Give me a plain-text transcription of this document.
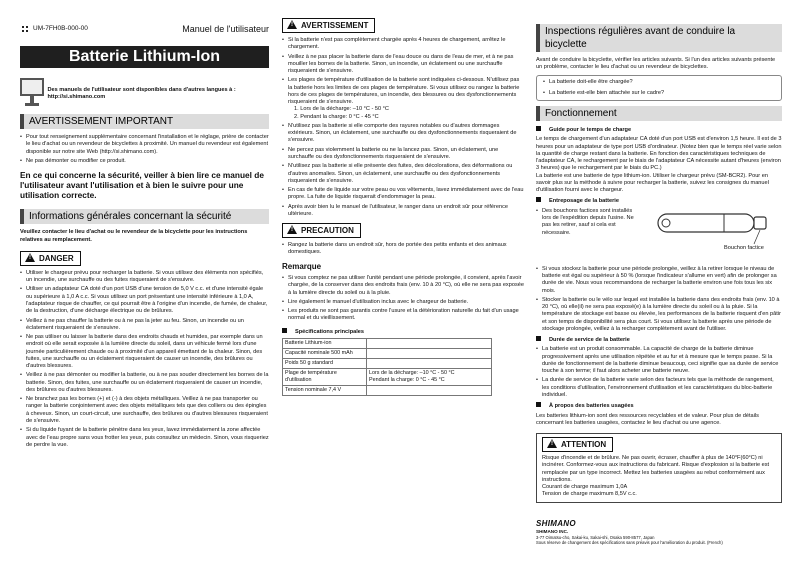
UM-7FH0B-000-00	Manuel de l'utilisateur
Batterie Lithium-Ion

Des manuels de l'utilisateur sont disponibles dans d'autres langues à : http://si.shimano.com

AVERTISSEMENT IMPORTANT

• Pour tout renseignement supplémentaire concernant l'installation et le réglage, prière de contacter le lieu d'achat ou un revendeur de bicyclettes à proximité. Un manuel du revendeur est également disponible sur notre site Web (http://si.shimano.com).

• Ne pas démonter ou modifier ce produit.

En ce qui concerne la sécurité, veiller à bien lire ce manuel de l'utilisateur avant l'utilisation et à bien le suivre pour une utilisation correcte.

Informations générales concernant la sécurité

Veuillez contacter le lieu d'achat ou le revendeur de la bicyclette pour les instructions relatives au remplacement.

! DANGER

• Utiliser le chargeur prévu pour recharger la batterie. Si vous utilisez des éléments non spécifiés, un incendie, une surchauffe ou des fuites risqueraient de s'ensuivre.

• Utiliser un adaptateur CA doté d'un port USB d'une tension de 5,0 V c.c. et d'une intensité égale ou supérieure à 1,0 A c.c. Si vous utilisez un port présentant une intensité inférieure à 1,0 A, l'adaptateur risque de chauffer, ce qui pourrait être à l'origine d'un incendie, de fumée, de chaleur, de la destruction, d'une décharge électrique ou de brûlures.

• Veillez à ne pas chauffer la batterie ou à ne pas la jeter au feu. Sinon, un incendie ou un éclatement risqueraient de s'ensuivre.

• Ne pas utiliser ou laisser la batterie dans des endroits chauds et humides, par exemple dans un endroit où elle serait exposée à la lumière directe du soleil, dans un véhicule fermé lors d'une journée particulièrement chaude ou à proximité d'un appareil émettant de la chaleur. Sinon, des fuites, une surchauffe ou un éclatement risqueraient de causer un incendie, des brûlures ou d'autres blessures.

• Veillez à ne pas démonter ou modifier la batterie, ou à ne pas souder directement les bornes de la batterie. Sinon, des fuites, une surchauffe ou un éclatement risqueraient de causer un incendie, des brûlures ou d'autres blessures.

• Ne branchez pas les bornes (+) et (-) à des objets métalliques. Veillez à ne pas transporter ou ranger la batterie conjointement avec des objets métalliques tels que des colliers ou des épingles à cheveux. Sinon, un court-circuit, une surchauffe, des brûlures ou d'autres blessures risqueraient de s'ensuivre.

• Si du liquide fuyant de la batterie pénètre dans les yeux, lavez immédiatement la zone affectée avec de l'eau propre sans vous frotter les yeux, puis consultez un médecin. Sinon, vous risqueriez de perdre la vue.

! AVERTISSEMENT

• Si la batterie n'est pas complètement chargée après 4 heures de chargement, arrêtez le chargement.

• Veillez à ne pas placer la batterie dans de l'eau douce ou dans de l'eau de mer, et à ne pas mouiller les bornes de la batterie. Sinon, un incendie, un éclatement ou une surchauffe risqueraient de s'ensuivre.

• Les plages de température d'utilisation de la batterie sont indiquées ci-dessous. N'utilisez pas la batterie hors les limites de ces plages de température. Si vous utilisez ou rangez la batterie hors de ces plages de températures, un incendie, des blessures ou des dysfonctionnements risqueraient de s'ensuivre.

1. Lors de la décharge: –10 °C - 50 °C

2. Pendant la charge: 0 °C - 45 °C

• N'utilisez pas la batterie si elle comporte des rayures notables ou d'autres dommages extérieurs. Sinon, un éclatement, une surchauffe ou des dysfonctionnements risqueraient de s'ensuivre.

• Ne percez pas violemment la batterie ou ne la lancez pas. Sinon, un éclatement, une surchauffe ou des dysfonctionnements risqueraient de s'ensuivre.

• N'utilisez pas la batterie si elle présente des fuites, des décolorations, des déformations ou d'autres anomalies. Sinon, un éclatement, une surchauffe ou des dysfonctionnements risqueraient de s'ensuivre.

• En cas de fuite de liquide sur votre peau ou vos vêtements, lavez immédiatement avec de l'eau propre. La fuite de liquide risquerait d'endommager la peau.

• Après avoir bien lu le manuel de l'utilisateur, le ranger dans un endroit sûr pour référence ultérieure.

! PRECAUTION

• Rangez la batterie dans un endroit sûr, hors de portée des petits enfants et des animaux domestiques.

Remarque

• Si vous comptez ne pas utiliser l'unité pendant une période prolongée, il convient, après l'avoir chargée, de la conserver dans des endroits frais (env. 10 à 20 °C), où elle ne sera pas exposée à la lumière directe du soleil ou à la pluie.

• Lire également le manuel d'utilisation inclus avec le chargeur de batterie.

• Les produits ne sont pas garantis contre l'usure et la détérioration naturelle du fait d'un usage normal et du vieillissement.

Spécifications principales
Batterie Lithium-ion	
Capacité nominale 500 mAh	
Poids 50 g standard	
Plage de température d'utilisation	Lors de la décharge: –10 °C - 50 °C
Pendant la charge: 0 °C - 45 °C

Tension nominale 7,4 V	
Inspections régulières avant de conduire la bicyclette

Avant de conduire la bicyclette, vérifier les articles suivants. Si l'un des articles suivants présente un problème, contacter le lieu d'achat ou un revendeur de bicyclettes.

• La batterie doit-elle être chargée?

• La batterie est-elle bien attachée sur le cadre?

Fonctionnement
Guide pour le temps de charge

Le temps de chargement d'un adaptateur CA doté d'un port USB est d'environ 1,5 heure. Il est de 3 heures pour un adaptateur de type port USB d'ordinateur. (Notez bien que le temps réel varie selon la quantité de charge restant dans la batterie. En fonction des caractéristiques techniques de l'adaptateur CA, le rechargement par le biais de l'adaptateur CA nécessite autant d'heures (environ 3 heures) que le rechargement par le biais du PC.)

La batterie est une batterie de type lithium-ion. Utiliser le chargeur prévu (SM-BCR2). Pour en savoir plus sur la méthode à suivre pour recharger la batterie, suivez les consignes du manuel d'utilisation fourni avec le chargeur.

Entreposage de la batterie

• Des bouchons factices sont installés lors de l'expédition depuis l'usine. Ne pas les retirer, sauf si cela est nécessaire.

Bouchon factice

• Si vous stockez la batterie pour une période prolongée, veillez à la retirer lorsque le niveau de batterie est égal ou supérieur à 50 % (lorsque l'indicateur s'allume en vert) afin de prolonger sa durée de vie. Nous vous recommandons de recharger la batterie environ une fois tous les six mois.

• Stocker la batterie ou le vélo sur lequel est installée la batterie dans des endroits frais (env. 10 à 20 °C), où elle(il) ne sera pas exposé(e) à la lumière directe du soleil ou à la pluie. Si la température de stockage est basse ou élevée, les performances de la batterie risquent d'en pâtir et son temps de disponibilité sera plus court. Si vous utilisez la batterie après une période de stockage prolongée, veillez à la recharger complètement avant de l'utiliser.

Durée de service de la batterie

• La batterie est un produit consommable. La capacité de charge de la batterie diminue progressivement après une utilisation répétée et au fur et à mesure que le temps passe. Si la durée de fonctionnement de la batterie diminue beaucoup, ceci signifie que sa durée de service touche à son terme; il faut alors acheter une batterie neuve.

• La durée de service de la batterie varie selon des facteurs tels que la méthode de rangement, les conditions d'utilisation, l'environnement d'utilisation et les caractéristiques du bloc-batterie individuel.

À propos des batteries usagées

Les batteries lithium-ion sont des ressources recyclables et de valeur. Pour plus de détails concernant les batteries usagées, contactez le lieu d'achat ou une agence.

! ATTENTION

Risque d'incendie et de brûlure. Ne pas ouvrir, écraser, chauffer à plus de 140°F(60°C) ni incinérer. Conformez-vous aux instructions du fabricant. Risque d'explosion si la batterie est remplacée par un type incorrect. Mettez les batteries usagées au rebut conformément aux instructions.

Courant de charge maximum 1,0A

Tension de charge maximum 8,5V c.c.

SHIMANO
SHIMANO INC.
3-77 Oimatsu-cho, Sakai-ku, Sakai-shi, Osaka 590-8577, Japan
Sous réserve de changement des spécifications sans préavis pour l'amélioration du produit. (French)
